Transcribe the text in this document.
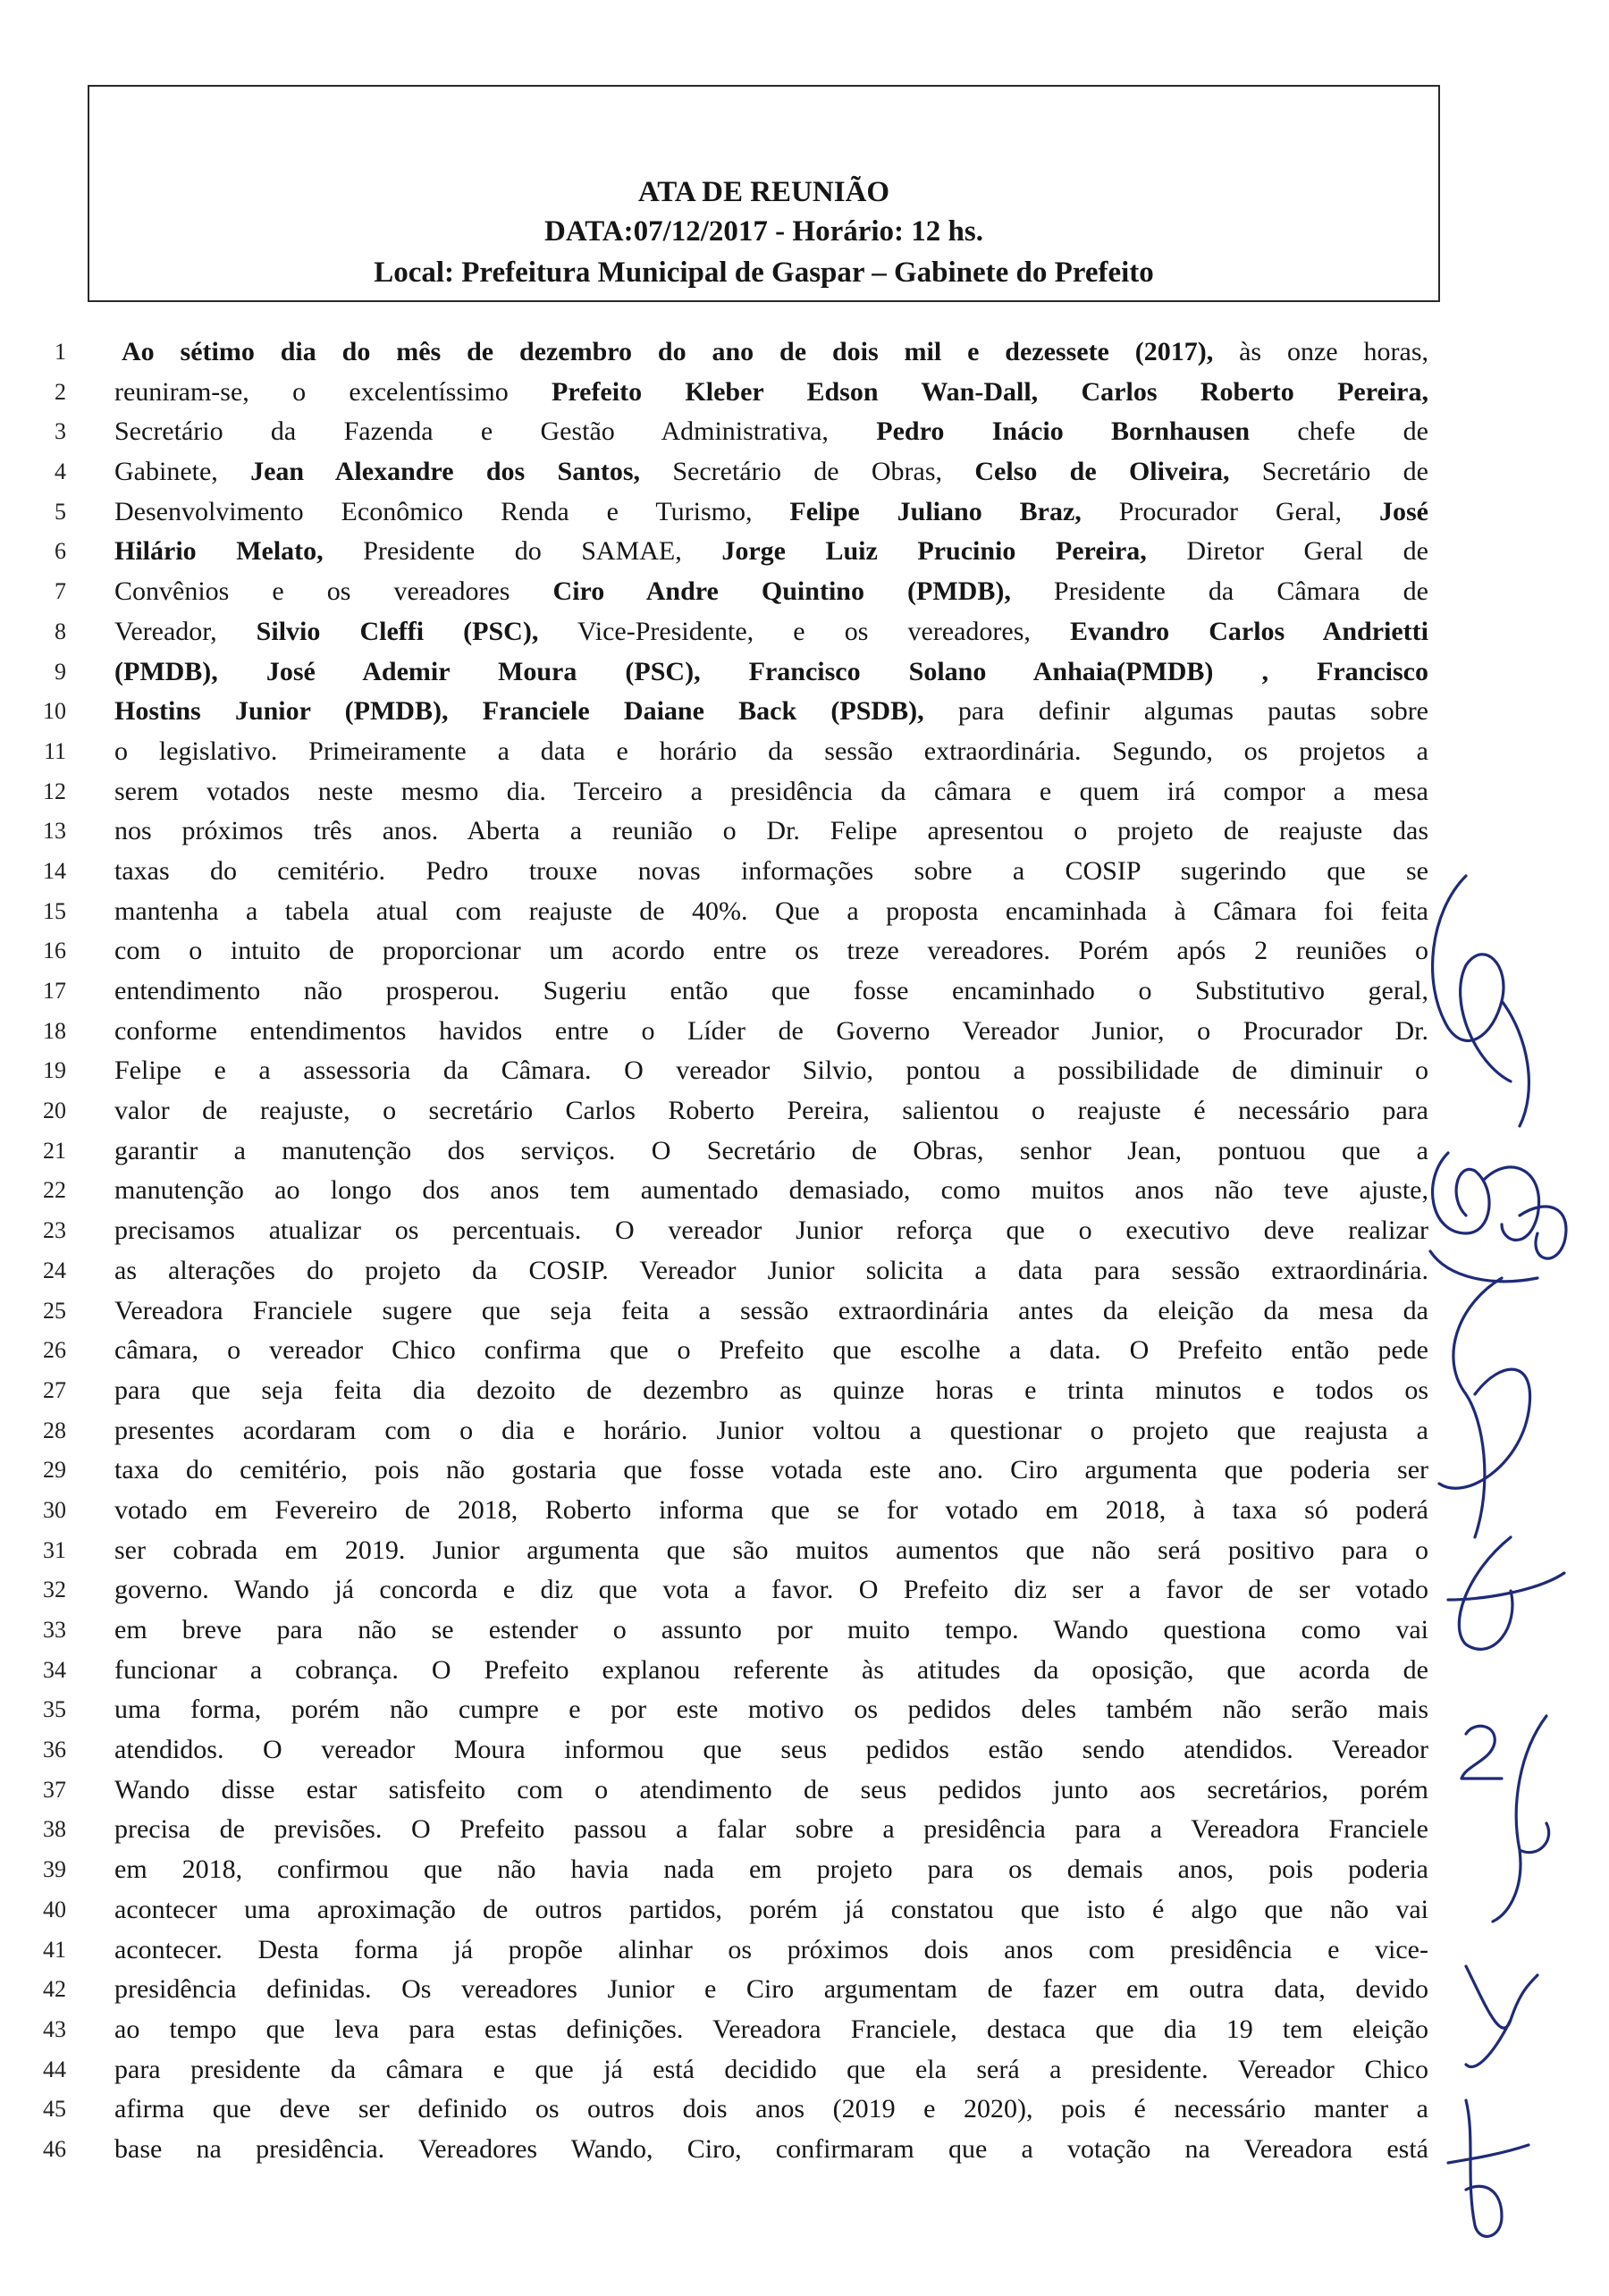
ATA DE REUNIÃO
DATA:07/12/2017 - Horário: 12 hs.
Local: Prefeitura Municipal de Gaspar – Gabinete do Prefeito
1 Ao sétimo dia do mês de dezembro do ano de dois mil e dezessete (2017), às onze horas,
2 reuniram-se, o excelentíssimo Prefeito Kleber Edson Wan-Dall, Carlos Roberto Pereira,
3 Secretário da Fazenda e Gestão Administrativa, Pedro Inácio Bornhausen chefe de
4 Gabinete, Jean Alexandre dos Santos, Secretário de Obras, Celso de Oliveira, Secretário de
5 Desenvolvimento Econômico Renda e Turismo, Felipe Juliano Braz, Procurador Geral, José
6 Hilário Melato, Presidente do SAMAE, Jorge Luiz Prucinio Pereira, Diretor Geral de
7 Convênios e os vereadores Ciro Andre Quintino (PMDB), Presidente da Câmara de
8 Vereador, Silvio Cleffi (PSC), Vice-Presidente, e os vereadores, Evandro Carlos Andrietti
9 (PMDB), José Ademir Moura (PSC), Francisco Solano Anhaia(PMDB) , Francisco
10 Hostins Junior (PMDB), Franciele Daiane Back (PSDB), para definir algumas pautas sobre
11 o legislativo. Primeiramente a data e horário da sessão extraordinária. Segundo, os projetos a
12 serem votados neste mesmo dia. Terceiro a presidência da câmara e quem irá compor a mesa
13 nos próximos três anos. Aberta a reunião o Dr. Felipe apresentou o projeto de reajuste das
14 taxas do cemitério. Pedro trouxe novas informações sobre a COSIP sugerindo que se
15 mantenha a tabela atual com reajuste de 40%. Que a proposta encaminhada à Câmara foi feita
16 com o intuito de proporcionar um acordo entre os treze vereadores. Porém após 2 reuniões o
17 entendimento não prosperou. Sugeriu então que fosse encaminhado o Substitutivo geral,
18 conforme entendimentos havidos entre o Líder de Governo Vereador Junior, o Procurador Dr.
19 Felipe e a assessoria da Câmara. O vereador Silvio, pontou a possibilidade de diminuir o
20 valor de reajuste, o secretário Carlos Roberto Pereira, salientou o reajuste é necessário para
21 garantir a manutenção dos serviços. O Secretário de Obras, senhor Jean, pontuou que a
22 manutenção ao longo dos anos tem aumentado demasiado, como muitos anos não teve ajuste,
23 precisamos atualizar os percentuais. O vereador Junior reforça que o executivo deve realizar
24 as alterações do projeto da COSIP. Vereador Junior solicita a data para sessão extraordinária.
25 Vereadora Franciele sugere que seja feita a sessão extraordinária antes da eleição da mesa da
26 câmara, o vereador Chico confirma que o Prefeito que escolhe a data. O Prefeito então pede
27 para que seja feita dia dezoito de dezembro as quinze horas e trinta minutos e todos os
28 presentes acordaram com o dia e horário. Junior voltou a questionar o projeto que reajusta a
29 taxa do cemitério, pois não gostaria que fosse votada este ano. Ciro argumenta que poderia ser
30 votado em Fevereiro de 2018, Roberto informa que se for votado em 2018, à taxa só poderá
31 ser cobrada em 2019. Junior argumenta que são muitos aumentos que não será positivo para o
32 governo. Wando já concorda e diz que vota a favor. O Prefeito diz ser a favor de ser votado
33 em breve para não se estender o assunto por muito tempo. Wando questiona como vai
34 funcionar a cobrança. O Prefeito explanou referente às atitudes da oposição, que acorda de
35 uma forma, porém não cumpre e por este motivo os pedidos deles também não serão mais
36 atendidos. O vereador Moura informou que seus pedidos estão sendo atendidos. Vereador
37 Wando disse estar satisfeito com o atendimento de seus pedidos junto aos secretários, porém
38 precisa de previsões. O Prefeito passou a falar sobre a presidência para a Vereadora Franciele
39 em 2018, confirmou que não havia nada em projeto para os demais anos, pois poderia
40 acontecer uma aproximação de outros partidos, porém já constatou que isto é algo que não vai
41 acontecer. Desta forma já propõe alinhar os próximos dois anos com presidência e vice-
42 presidência definidas. Os vereadores Junior e Ciro argumentam de fazer em outra data, devido
43 ao tempo que leva para estas definições. Vereadora Franciele, destaca que dia 19 tem eleição
44 para presidente da câmara e que já está decidido que ela será a presidente. Vereador Chico
45 afirma que deve ser definido os outros dois anos (2019 e 2020), pois é necessário manter a
46 base na presidência. Vereadores Wando, Ciro, confirmaram que a votação na Vereadora está
